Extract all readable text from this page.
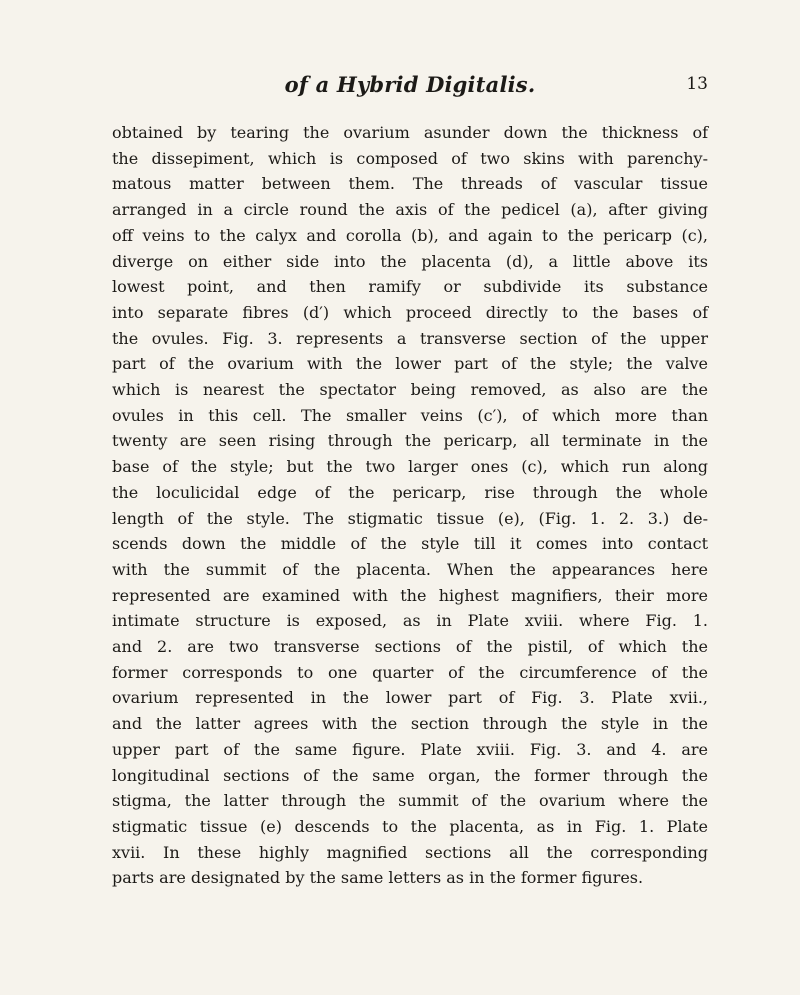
of a Hybrid Digitalis.	13

obtained by tearing the ovarium asunder down the thickness of
the dissepiment, which is composed of two skins with parenchy-
matous matter between them. The threads of vascular tissue
arranged in a circle round the axis of the pedicel (a), after giving
off veins to the calyx and corolla (b), and again to the pericarp (c),
diverge on either side into the placenta (d), a little above its
lowest point, and then ramify or subdivide its substance
into separate fibres (d′) which proceed directly to the bases of
the ovules. Fig. 3. represents a transverse section of the upper
part of the ovarium with the lower part of the style; the valve
which is nearest the spectator being removed, as also are the
ovules in this cell. The smaller veins (c′), of which more than
twenty are seen rising through the pericarp, all terminate in the
base of the style; but the two larger ones (c), which run along
the loculicidal edge of the pericarp, rise through the whole
length of the style. The stigmatic tissue (e), (Fig. 1. 2. 3.) de-
scends down the middle of the style till it comes into contact
with the summit of the placenta. When the appearances here
represented are examined with the highest magnifiers, their more
intimate structure is exposed, as in Plate xviii. where Fig. 1.
and 2. are two transverse sections of the pistil, of which the
former corresponds to one quarter of the circumference of the
ovarium represented in the lower part of Fig. 3. Plate xvii.,
and the latter agrees with the section through the style in the
upper part of the same figure. Plate xviii. Fig. 3. and 4. are
longitudinal sections of the same organ, the former through the
stigma, the latter through the summit of the ovarium where the
stigmatic tissue (e) descends to the placenta, as in Fig. 1. Plate
xvii. In these highly magnified sections all the corresponding
parts are designated by the same letters as in the former figures.
